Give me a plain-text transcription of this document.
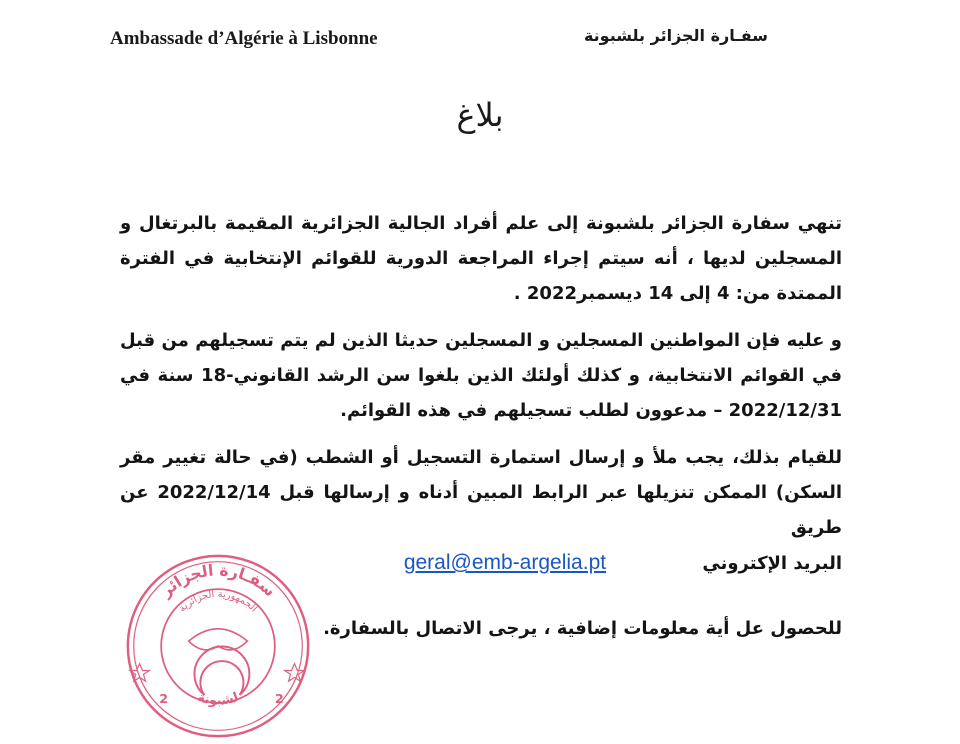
Ambassade d’Algérie à Lisbonne	سفـارة الجزائر بلشبونة
بلاغ

تنهي سفارة الجزائر بلشبونة إلى علم أفراد الجالية الجزائرية المقيمة بالبرتغال و المسجلين لديها ، أنه سيتم إجراء المراجعة الدورية للقوائم الإنتخابية في الفترة الممتدة من: 4 إلى 14 ديسمبر2022 .

و عليه فإن المواطنين المسجلين و المسجلين حديثا الذين لم يتم تسجيلهم من قبل في القوائم الانتخابية، و كذلك أولئك الذين بلغوا سن الرشد القانوني-18 سنة في 2022/12/31 – مدعوون لطلب تسجيلهم في هذه القوائم.

للقيام بذلك، يجب ملأ و إرسال استمارة التسجيل أو الشطب (في حالة تغيير مقر السكن) الممكن تنزيلها عبر الرابط المبين أدناه و إرسالها قبل 2022/12/14 عن طريق
البريد الإكتروني geral@emb-argelia.pt

للحصول عل أية معلومات إضافية ، يرجى الاتصال بالسفارة.
سفـارة الجزائر
الجمهورية الجزائرية
لشبونة
2	2
